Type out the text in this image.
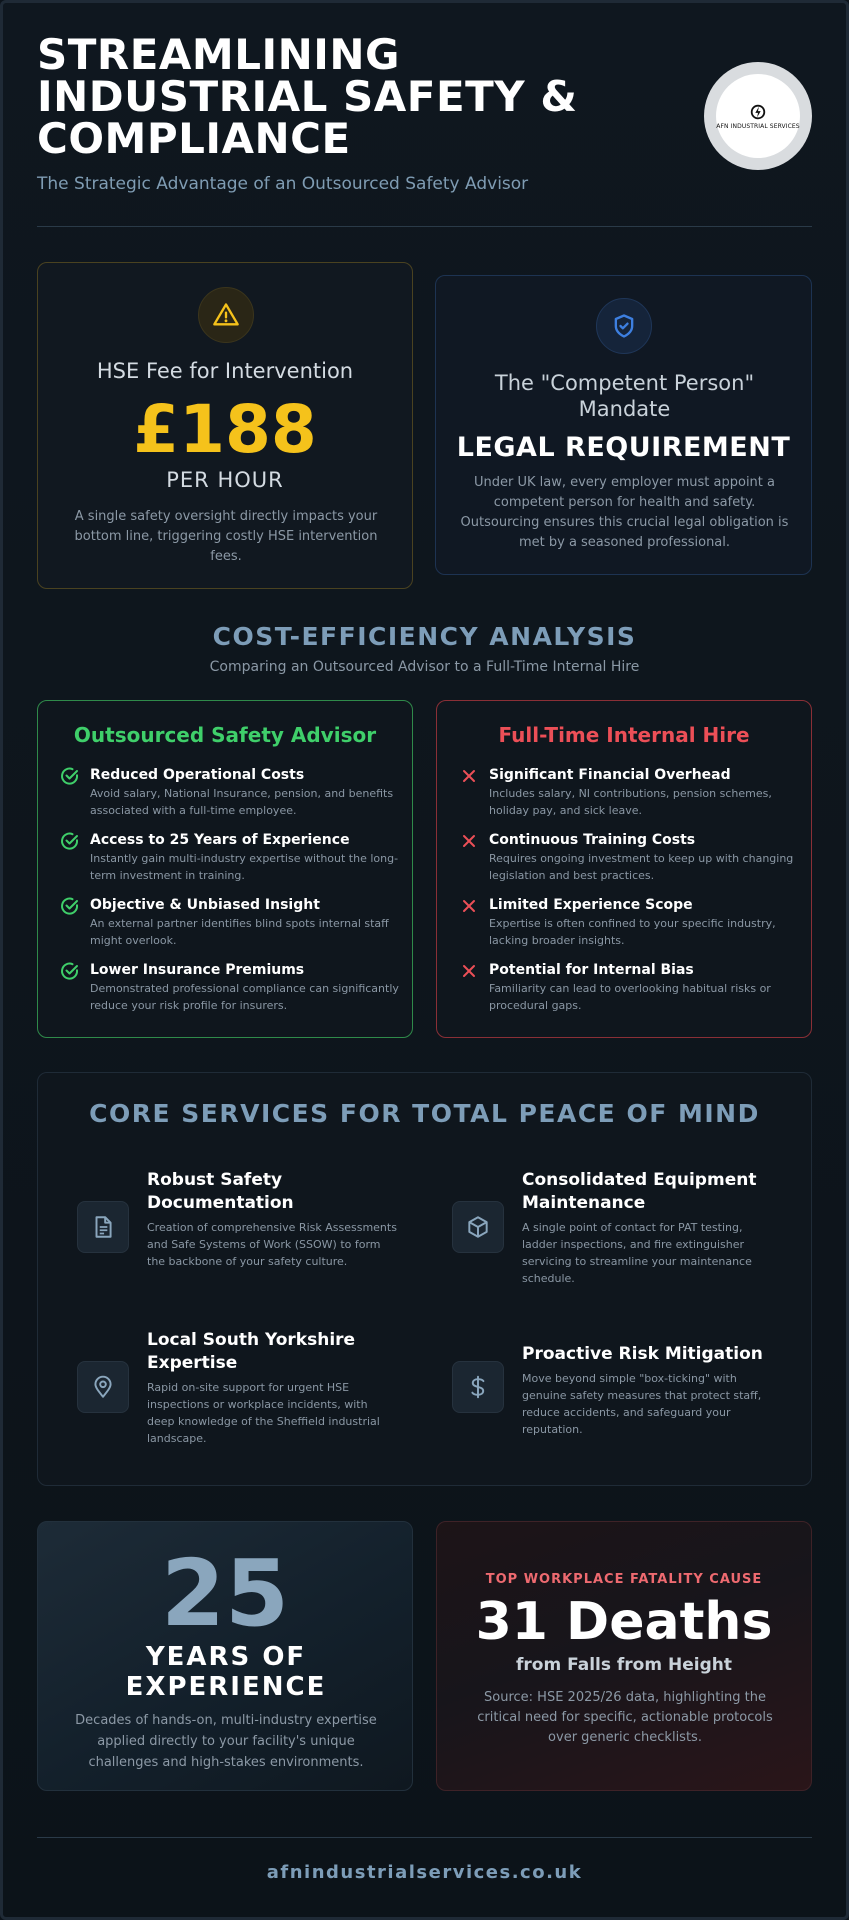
STREAMLINING
INDUSTRIAL SAFETY &
COMPLIANCE
The Strategic Advantage of an Outsourced Safety Advisor
AFN INDUSTRIAL SERVICES
HSE Fee for Intervention
£188
PER HOUR
A single safety oversight directly impacts your bottom line, triggering costly HSE intervention fees.
The "Competent Person" Mandate
LEGAL REQUIREMENT
Under UK law, every employer must appoint a competent person for health and safety. Outsourcing ensures this crucial legal obligation is met by a seasoned professional.
COST-EFFICIENCY ANALYSIS
Comparing an Outsourced Advisor to a Full-Time Internal Hire
Outsourced Safety Advisor
Reduced Operational Costs
Avoid salary, National Insurance, pension, and benefits associated with a full-time employee.
Access to 25 Years of Experience
Instantly gain multi-industry expertise without the long-term investment in training.
Objective & Unbiased Insight
An external partner identifies blind spots internal staff might overlook.
Lower Insurance Premiums
Demonstrated professional compliance can significantly reduce your risk profile for insurers.
Full-Time Internal Hire
Significant Financial Overhead
Includes salary, NI contributions, pension schemes, holiday pay, and sick leave.
Continuous Training Costs
Requires ongoing investment to keep up with changing legislation and best practices.
Limited Experience Scope
Expertise is often confined to your specific industry, lacking broader insights.
Potential for Internal Bias
Familiarity can lead to overlooking habitual risks or procedural gaps.
CORE SERVICES FOR TOTAL PEACE OF MIND
Robust Safety Documentation
Creation of comprehensive Risk Assessments and Safe Systems of Work (SSOW) to form the backbone of your safety culture.
Consolidated Equipment Maintenance
A single point of contact for PAT testing, ladder inspections, and fire extinguisher servicing to streamline your maintenance schedule.
Local South Yorkshire Expertise
Rapid on-site support for urgent HSE inspections or workplace incidents, with deep knowledge of the Sheffield industrial landscape.
Proactive Risk Mitigation
Move beyond simple "box-ticking" with genuine safety measures that protect staff, reduce accidents, and safeguard your reputation.
25
YEARS OF EXPERIENCE
Decades of hands-on, multi-industry expertise applied directly to your facility's unique challenges and high-stakes environments.
TOP WORKPLACE FATALITY CAUSE
31 Deaths
from Falls from Height
Source: HSE 2025/26 data, highlighting the critical need for specific, actionable protocols over generic checklists.
afnindustrialservices.co.uk
